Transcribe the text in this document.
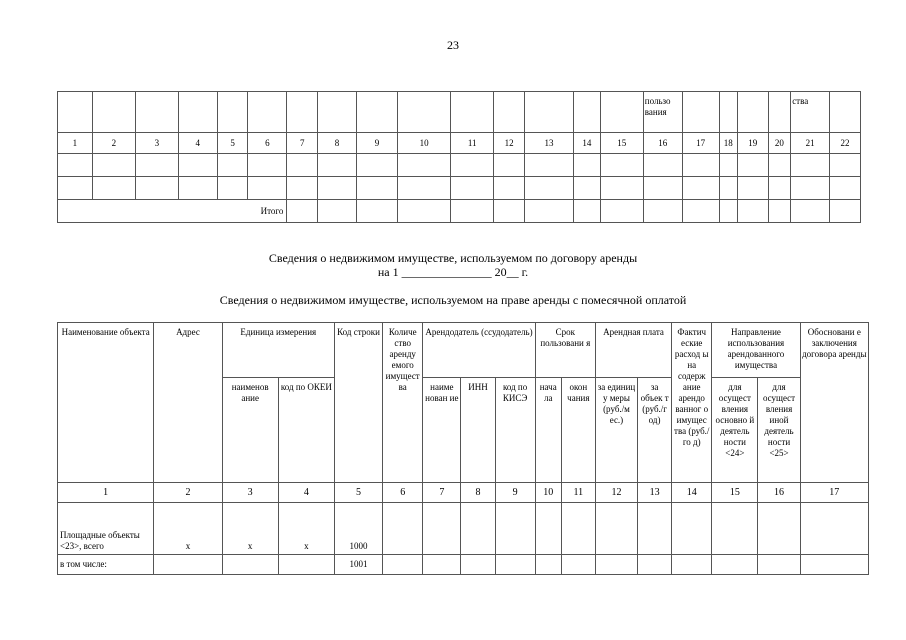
23
															пользо вания					ства	
1	2	3	4	5	6	7	8	9	10	11	12	13	14	15	16	17	18	19	20	21	22

Итого																					
Сведения о недвижимом имуществе, используемом по договору аренды
на 1 _______________ 20__ г.
Сведения о недвижимом имуществе, используемом на праве аренды с помесячной оплатой
Наименование объекта	Адрес	Единица измерения		Код строки	Количе ство аренду емого имущест ва	Арендодатель (ссудодатель)			Срок пользовани я		Арендная плата		Фактич еские расход ы на содерж ание арендо ванног о имущес тва (руб./го д)	Направление использования арендованного имущества		Обосновани е заключения договора аренды
		наименов ание	код по ОКЕИ			наиме нован ие	ИНН	код по КИСЭ	нача ла	окон чания	за единиц у меры (руб./м ес.)	за объек т (руб./г од)		для осущест вления основно й деятель ности <24>	для осущест вления иной деятель ности <25>	
1	2	3	4	5	6	7	8	9	10	11	12	13	14	15	16	17
Площадные объекты <23>, всего	x	x	x	1000												
в том числе:				1001												
